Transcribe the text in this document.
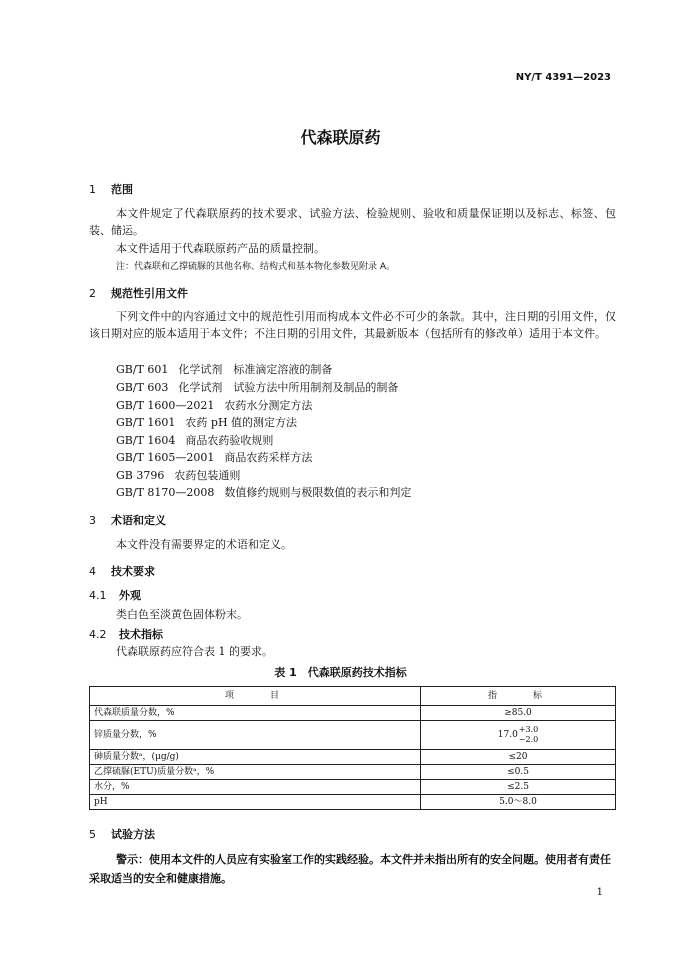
NY/T 4391—2023
代森联原药
1 范围
本文件规定了代森联原药的技术要求、试验方法、检验规则、验收和质量保证期以及标志、标签、包装、储运。
本文件适用于代森联原药产品的质量控制。
注：代森联和乙撑硫脲的其他名称、结构式和基本物化参数见附录 A。
2 规范性引用文件
下列文件中的内容通过文中的规范性引用而构成本文件必不可少的条款。其中，注日期的引用文件，仅该日期对应的版本适用于本文件；不注日期的引用文件，其最新版本（包括所有的修改单）适用于本文件。
GB/T 601 化学试剂　标准滴定溶液的制备
GB/T 603 化学试剂　试验方法中所用制剂及制品的制备
GB/T 1600—2021 农药水分测定方法
GB/T 1601 农药 pH 值的测定方法
GB/T 1604 商品农药验收规则
GB/T 1605—2001 商品农药采样方法
GB 3796 农药包装通则
GB/T 8170—2008 数值修约规则与极限数值的表示和判定
3 术语和定义
本文件没有需要界定的术语和定义。
4 技术要求
4.1 外观
类白色至淡黄色固体粉末。
4.2 技术指标
代森联原药应符合表 1 的要求。
表 1　代森联原药技术指标
项　　目	指　　标
代森联质量分数，%	≥85.0
锌质量分数，%	17.0
+3.0
−2.0

砷质量分数ᵃ，(μg/g)	≤20
乙撑硫脲(ETU)质量分数ᵃ，%	≤0.5
水分，%	≤2.5
pH	5.0～8.0
5 试验方法
警示：使用本文件的人员应有实验室工作的实践经验。本文件并未指出所有的安全问题。使用者有责任采取适当的安全和健康措施。
1
